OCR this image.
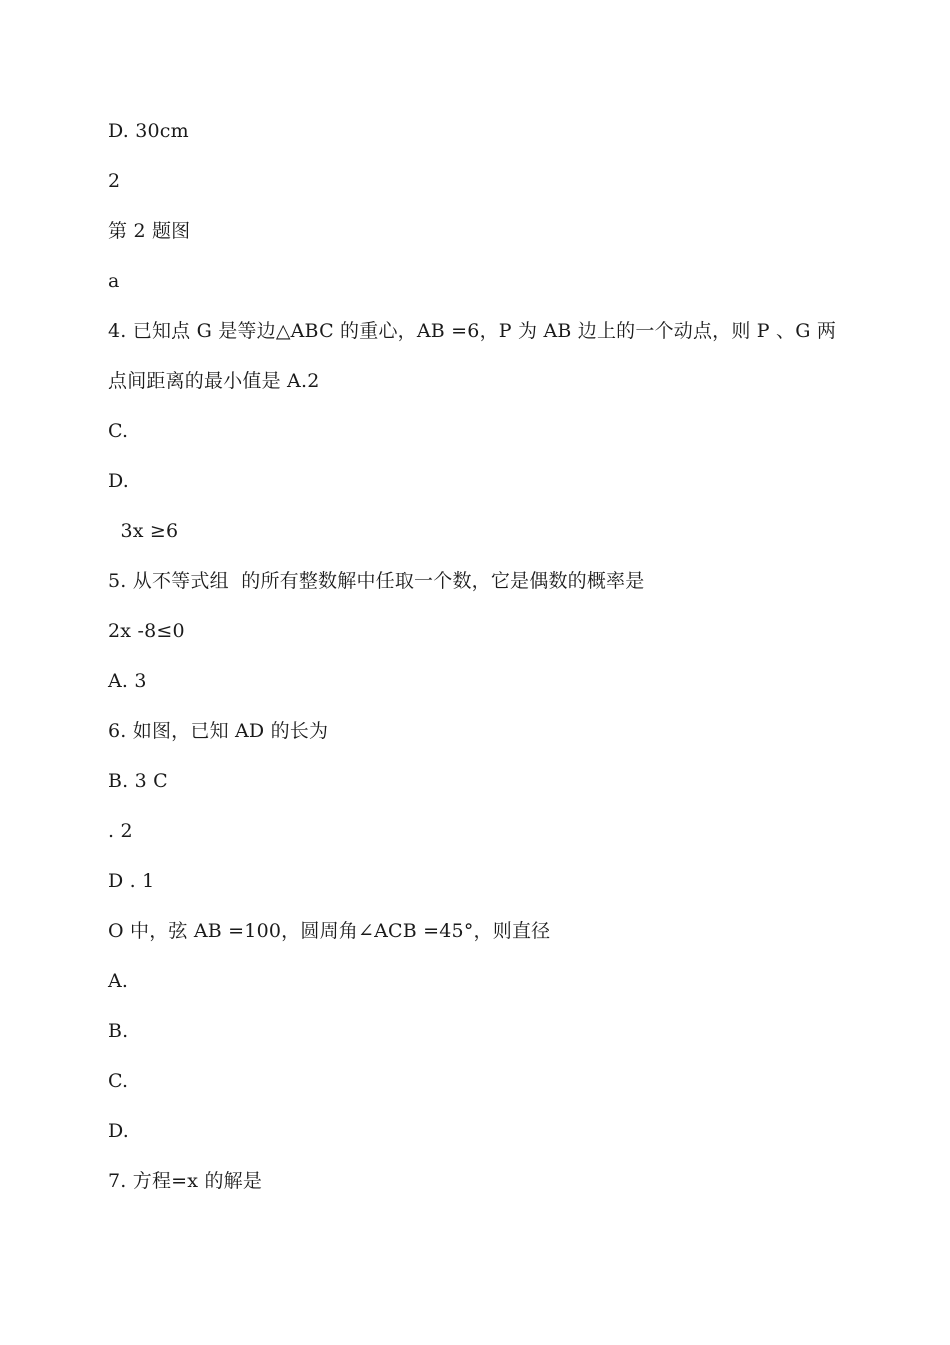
D. 30cm
2
第 2 题图
a
4. 已知点 G 是等边△ABC 的重心，AB =6，P 为 AB 边上的一个动点，则 P 、G 两
点间距离的最小值是 A.2
C.
D.
3x ≥6
5. 从不等式组  的所有整数解中任取一个数，它是偶数的概率是
2x -8≤0
A. 3
6. 如图，已知 AD 的长为
B. 3 C
. 2
D . 1
O 中，弦 AB =100，圆周角∠ACB =45°，则直径
A.
B.
C.
D.
7. 方程=x 的解是
